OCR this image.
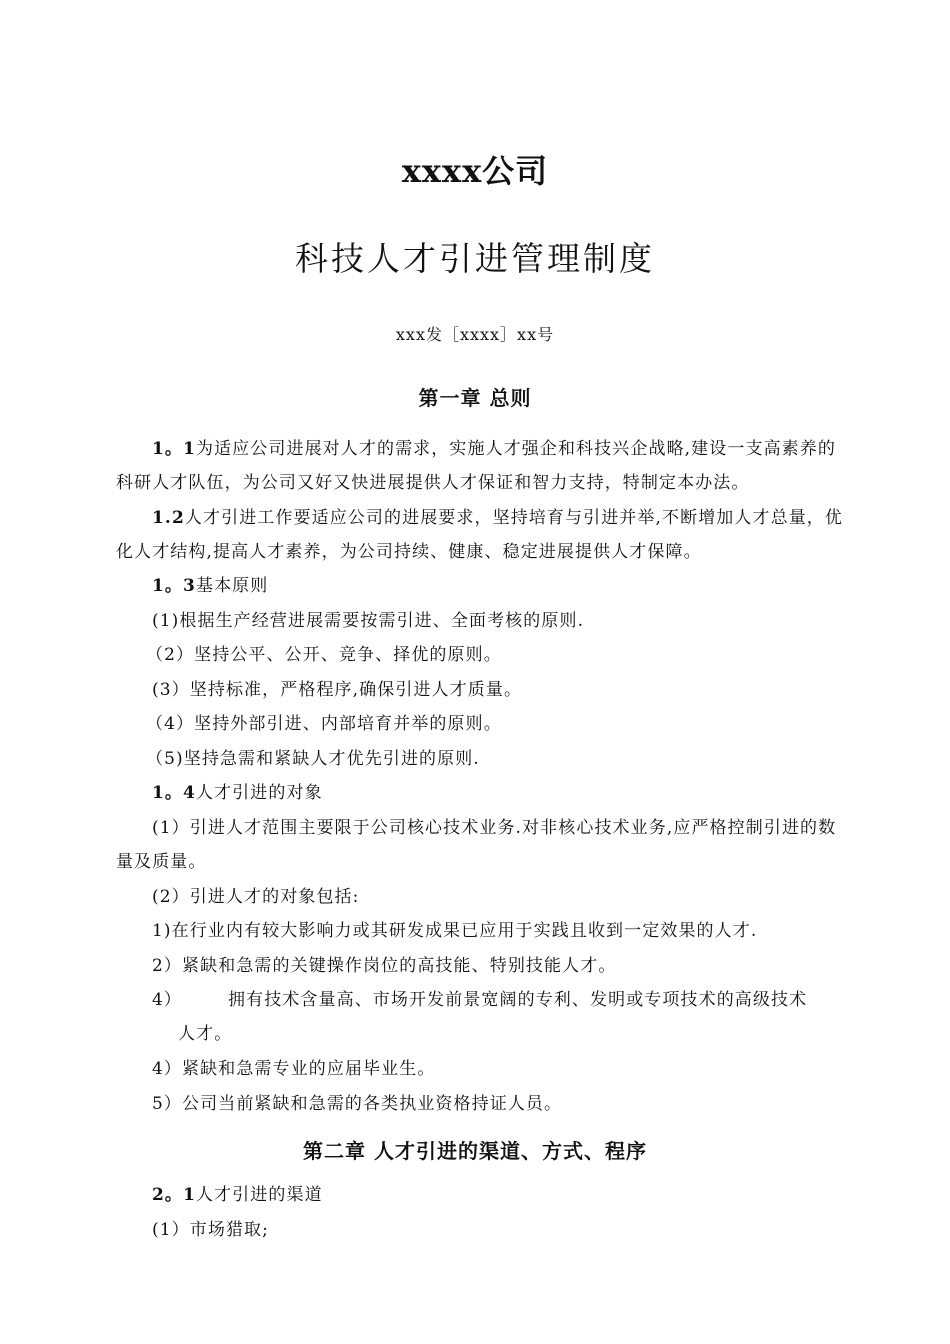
xxxx公司
科技人才引进管理制度
xxx发［xxxx］xx号
第一章 总则
1。1为适应公司进展对人才的需求，实施人才强企和科技兴企战略,建设一支高素养的科研人才队伍，为公司又好又快进展提供人才保证和智力支持，特制定本办法。
1.2人才引进工作要适应公司的进展要求，坚持培育与引进并举,不断增加人才总量，优化人才结构,提高人才素养，为公司持续、健康、稳定进展提供人才保障。
1。3基本原则
(1)根据生产经营进展需要按需引进、全面考核的原则.
（2）坚持公平、公开、竞争、择优的原则。
(3）坚持标准，严格程序,确保引进人才质量。
（4）坚持外部引进、内部培育并举的原则。
（5)坚持急需和紧缺人才优先引进的原则.
1。4人才引进的对象
(1）引进人才范围主要限于公司核心技术业务.对非核心技术业务,应严格控制引进的数量及质量。
(2）引进人才的对象包括:
1)在行业内有较大影响力或其研发成果已应用于实践且收到一定效果的人才.
2）紧缺和急需的关键操作岗位的高技能、特别技能人才。
4）	拥有技术含量高、市场开发前景宽阔的专利、发明或专项技术的高级技术
人才。
4）紧缺和急需专业的应届毕业生。
5）公司当前紧缺和急需的各类执业资格持证人员。
第二章 人才引进的渠道、方式、程序
2。1人才引进的渠道
(1）市场猎取;
